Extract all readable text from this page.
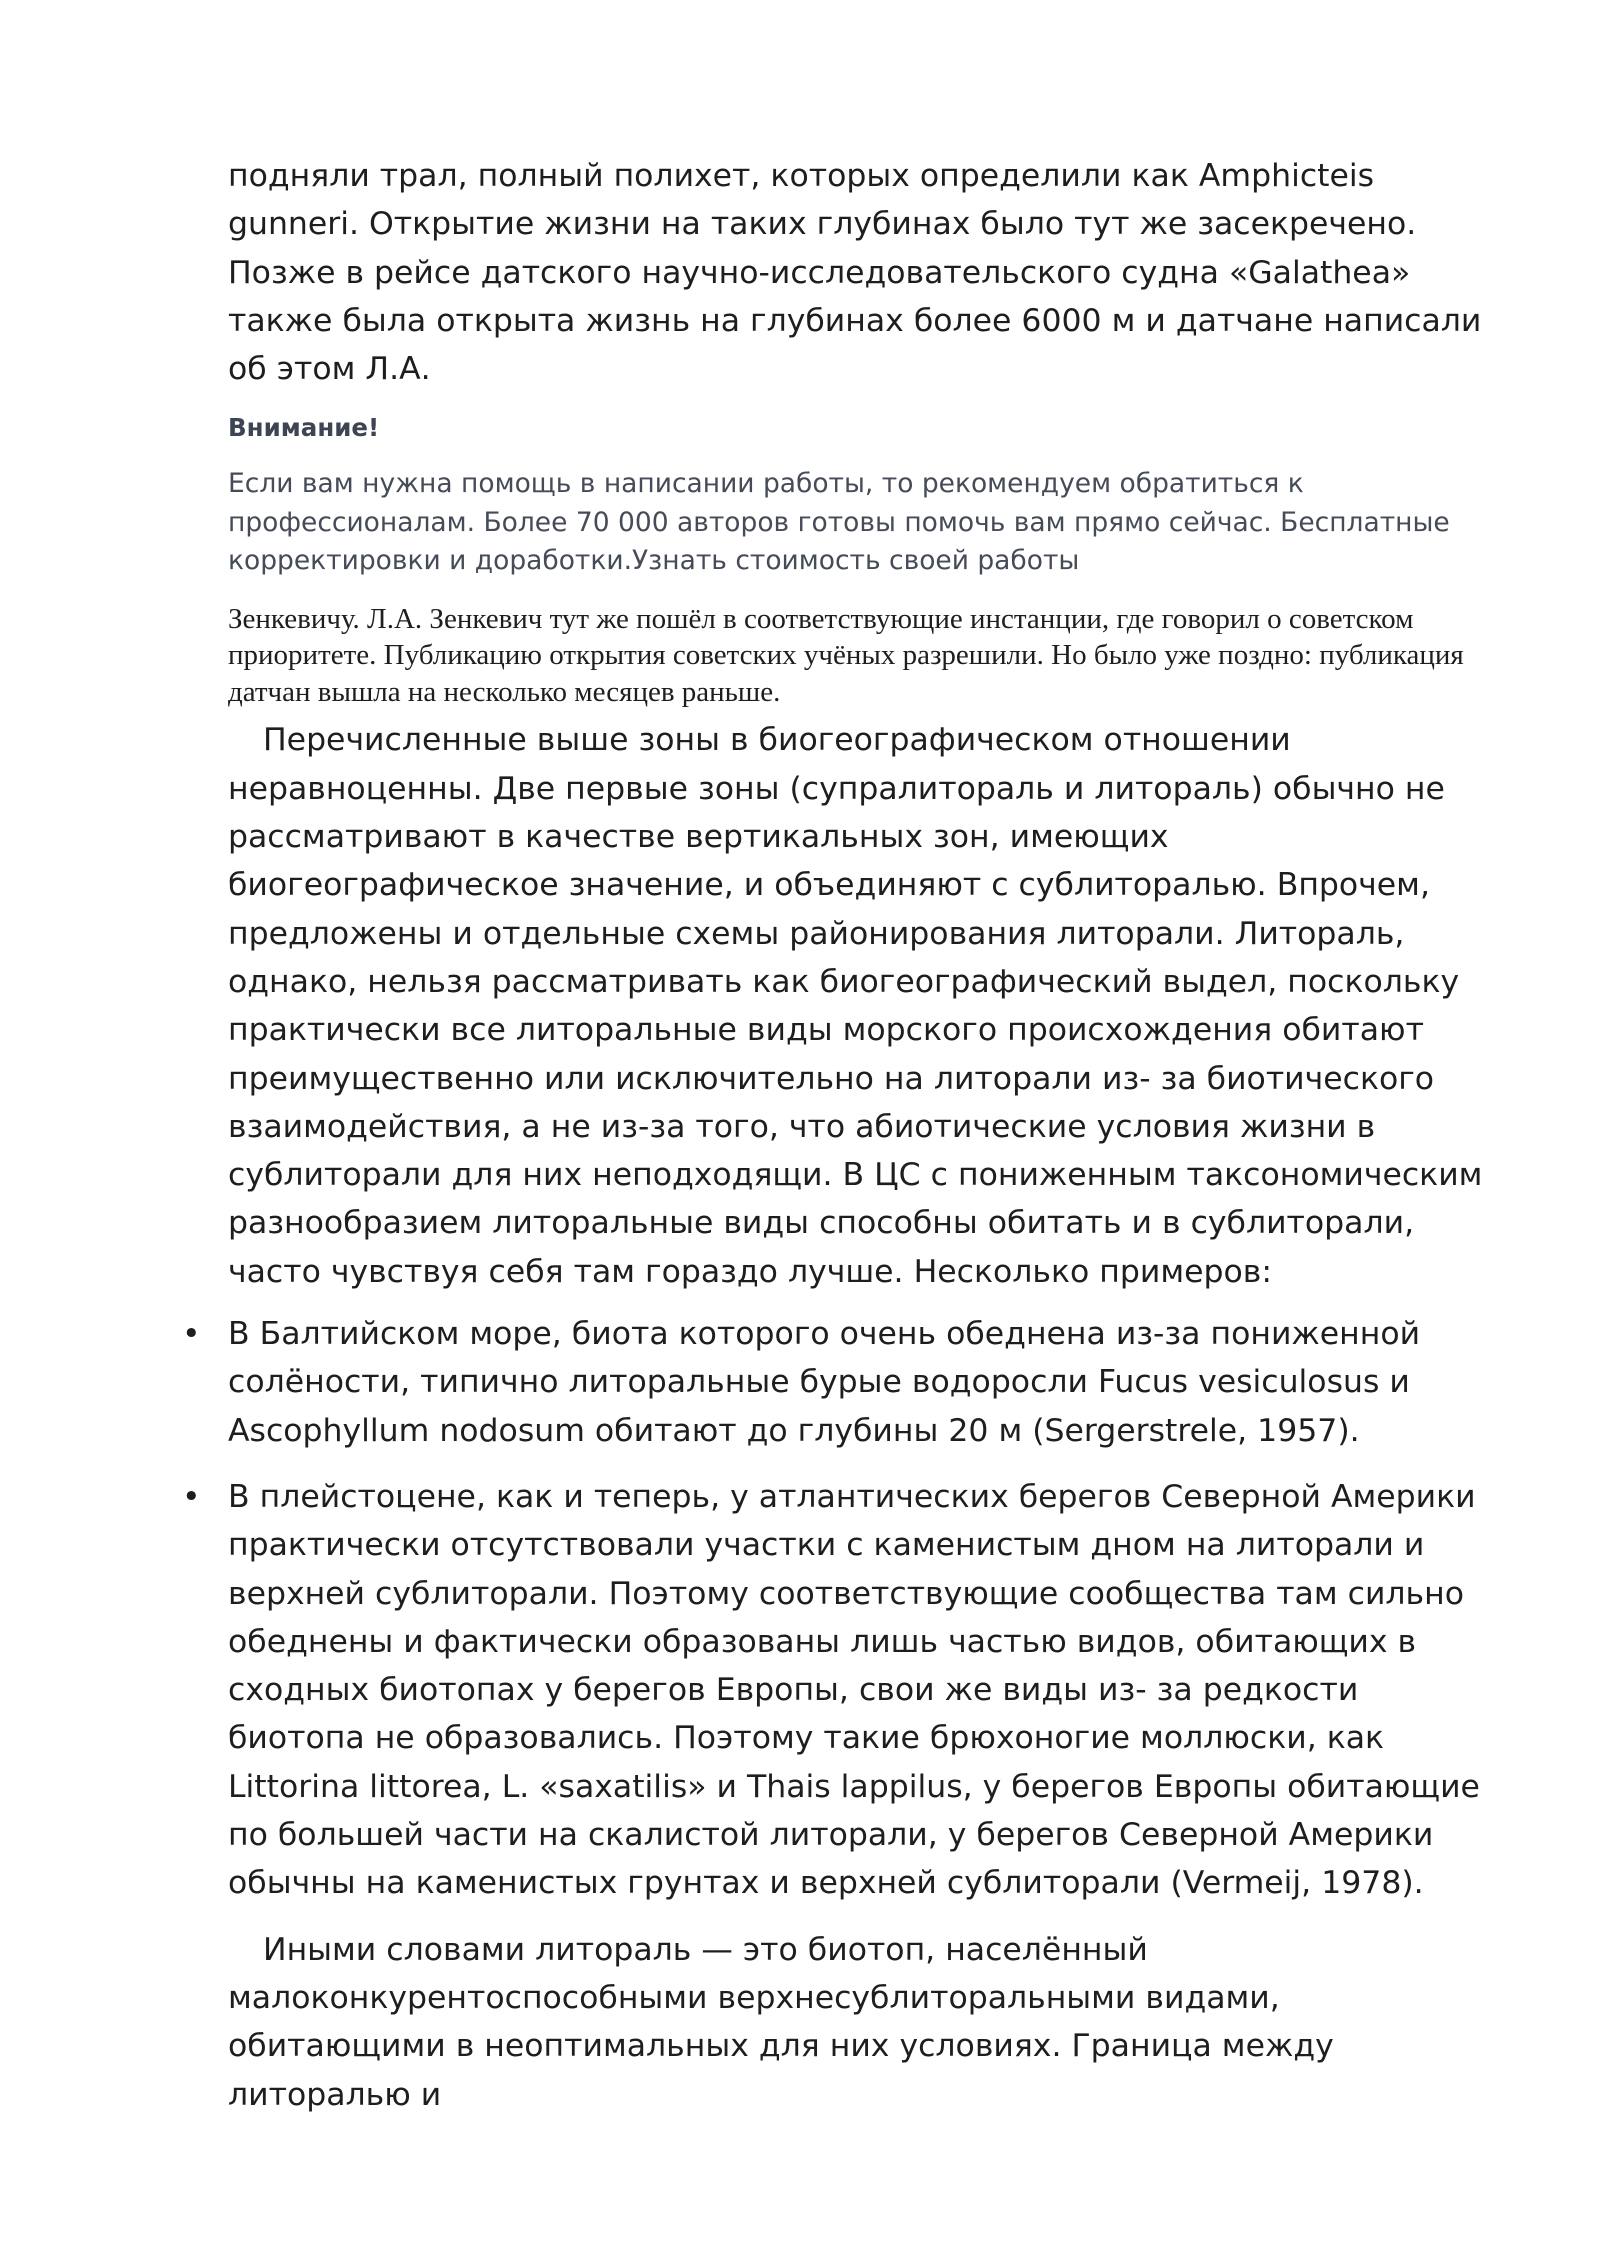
подняли трал, полный полихет, которых определили как Amphicteis gunneri. Открытие жизни на таких глубинах было тут же засекречено. Позже в рейсе датского научно-исследовательского судна «Galathea» также была открыта жизнь на глубинах более 6000 м и датчане написали об этом Л.А.

Внимание!

Если вам нужна помощь в написании работы, то рекомендуем обратиться к профессионалам. Более 70 000 авторов готовы помочь вам прямо сейчас. Бесплатные корректировки и доработки.Узнать стоимость своей работы

Зенкевичу. Л.А. Зенкевич тут же пошёл в соответствующие инстанции, где говорил о советском приоритете. Публикацию открытия советских учёных разрешили. Но было уже поздно: публикация датчан вышла на несколько месяцев раньше.

Перечисленные выше зоны в биогеографическом отношении неравноценны. Две первые зоны (супралитораль и литораль) обычно не рассматривают в качестве вертикальных зон, имеющих биогеографическое значение, и объединяют с сублиторалью. Впрочем, предложены и отдельные схемы районирования литорали. Литораль, однако, нельзя рассматривать как биогеографический выдел, поскольку практически все литоральные виды морского происхождения обитают преимущественно или исключительно на литорали из- за биотического взаимодействия, а не из-за того, что абиотические условия жизни в сублиторали для них неподходящи. В ЦС с пониженным таксономическим разнообразием литоральные виды способны обитать и в сублиторали, часто чувствуя себя там гораздо лучше. Несколько примеров:

• В Балтийском море, биота которого очень обеднена из-за пониженной солёности, типично литоральные бурые водоросли Fucus vesiculosus и Ascophyllum nodosum обитают до глубины 20 м (Sergerstrele, 1957).
• В плейстоцене, как и теперь, у атлантических берегов Северной Америки практически отсутствовали участки с каменистым дном на литорали и верхней сублиторали. Поэтому соответствующие сообщества там сильно обеднены и фактически образованы лишь частью видов, обитающих в сходных биотопах у берегов Европы, свои же виды из- за редкости биотопа не образовались. Поэтому такие брюхоногие моллюски, как Littorina littorea, L. «saxatilis» и Thais lappilus, у берегов Европы обитающие по большей части на скалистой литорали, у берегов Северной Америки обычны на каменистых грунтах и верхней сублиторали (Vermeij, 1978).

Иными словами литораль — это биотоп, населённый малоконкурентоспособными верхнесублиторальными видами, обитающими в неоптимальных для них условиях. Граница между литоралью и
